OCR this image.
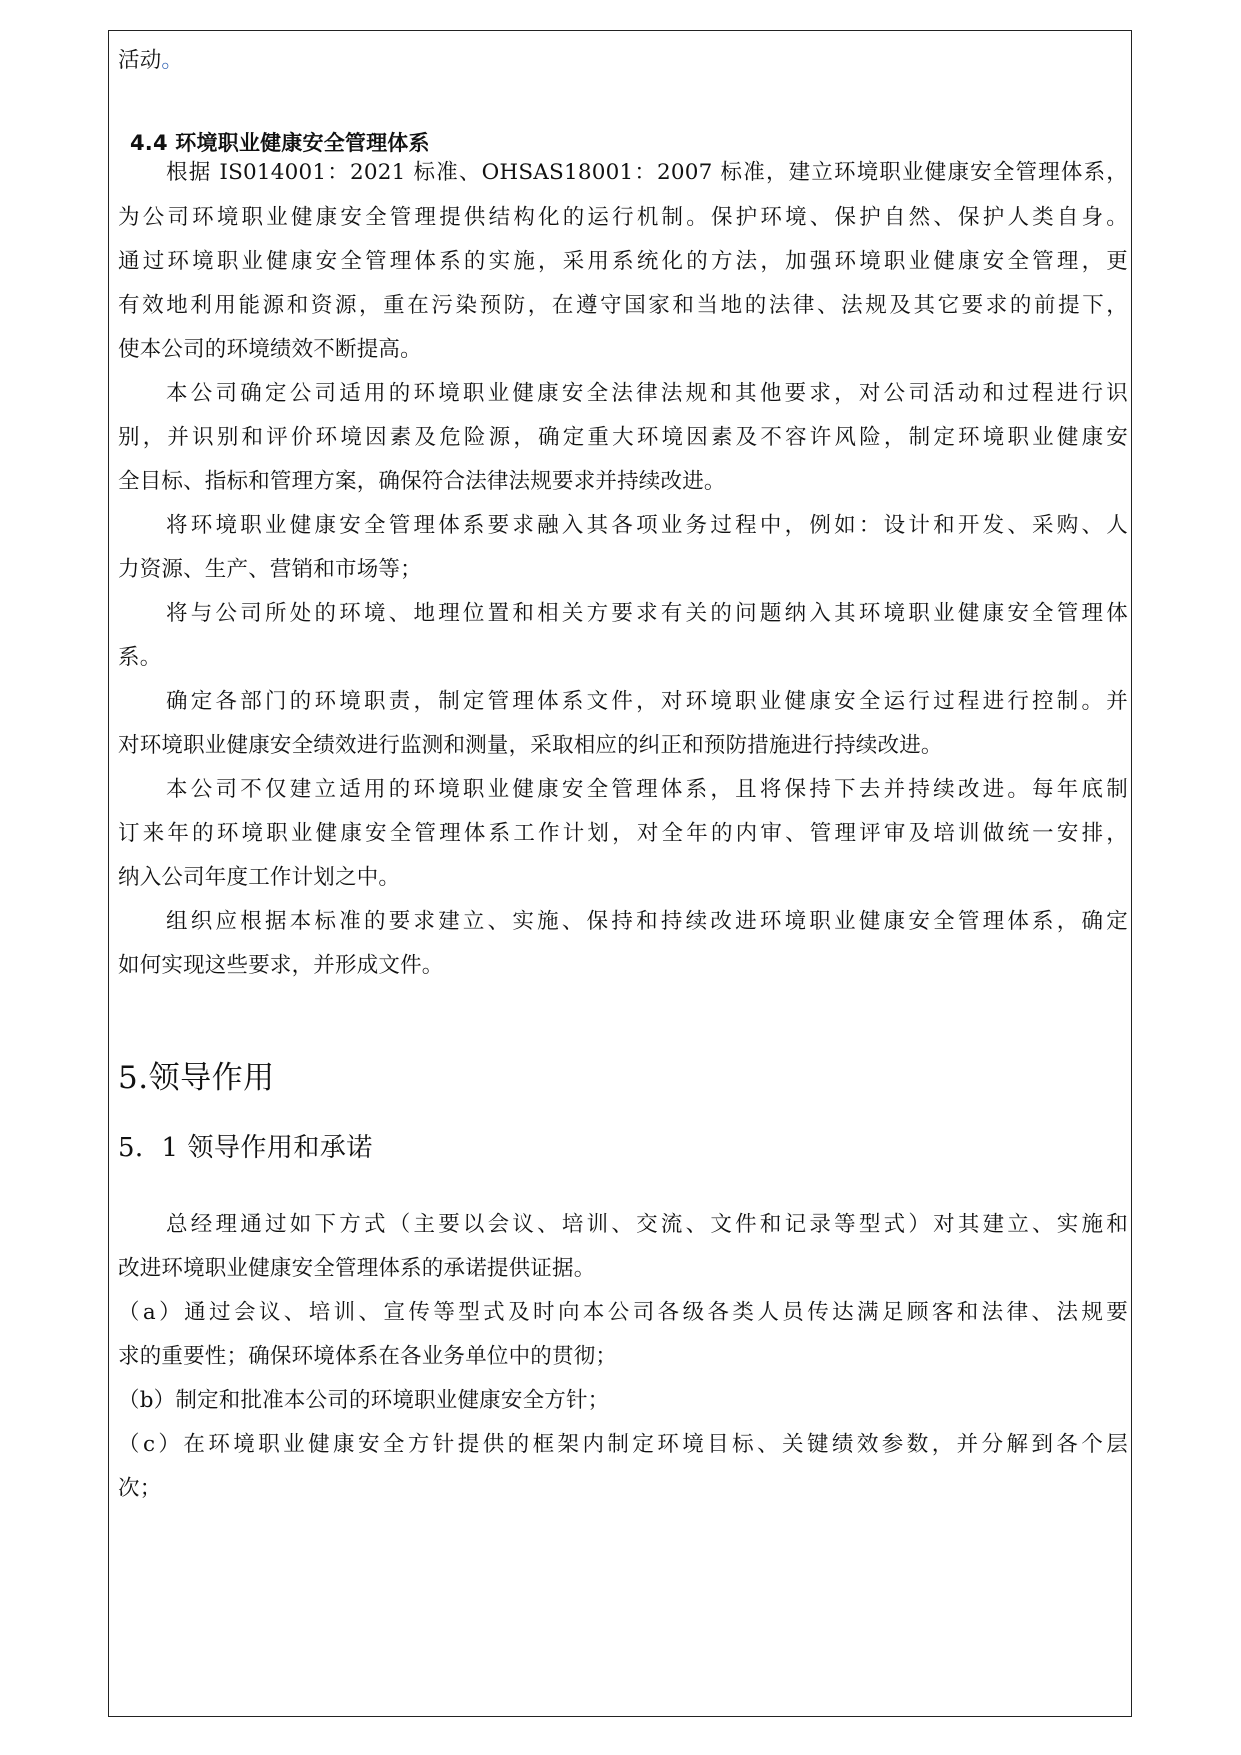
活动。
4.4 环境职业健康安全管理体系
根据 IS014001：2021 标准、OHSAS18001：2007 标准，建立环境职业健康安全管理体系，
为公司环境职业健康安全管理提供结构化的运行机制。保护环境、保护自然、保护人类自身。
通过环境职业健康安全管理体系的实施，采用系统化的方法，加强环境职业健康安全管理，更
有效地利用能源和资源，重在污染预防，在遵守国家和当地的法律、法规及其它要求的前提下，
使本公司的环境绩效不断提高。
本公司确定公司适用的环境职业健康安全法律法规和其他要求，对公司活动和过程进行识
别，并识别和评价环境因素及危险源，确定重大环境因素及不容许风险，制定环境职业健康安
全目标、指标和管理方案，确保符合法律法规要求并持续改进。
将环境职业健康安全管理体系要求融入其各项业务过程中，例如：设计和开发、采购、人
力资源、生产、营销和市场等；
将与公司所处的环境、地理位置和相关方要求有关的问题纳入其环境职业健康安全管理体
系。
确定各部门的环境职责，制定管理体系文件，对环境职业健康安全运行过程进行控制。并
对环境职业健康安全绩效进行监测和测量，采取相应的纠正和预防措施进行持续改进。
本公司不仅建立适用的环境职业健康安全管理体系，且将保持下去并持续改进。每年底制
订来年的环境职业健康安全管理体系工作计划，对全年的内审、管理评审及培训做统一安排，
纳入公司年度工作计划之中。
组织应根据本标准的要求建立、实施、保持和持续改进环境职业健康安全管理体系，确定
如何实现这些要求，并形成文件。
5.领导作用
5．1 领导作用和承诺
总经理通过如下方式（主要以会议、培训、交流、文件和记录等型式）对其建立、实施和
改进环境职业健康安全管理体系的承诺提供证据。
（a）通过会议、培训、宣传等型式及时向本公司各级各类人员传达满足顾客和法律、法规要
求的重要性；确保环境体系在各业务单位中的贯彻；
（b）制定和批准本公司的环境职业健康安全方针；
（c）在环境职业健康安全方针提供的框架内制定环境目标、关键绩效参数，并分解到各个层
次；
